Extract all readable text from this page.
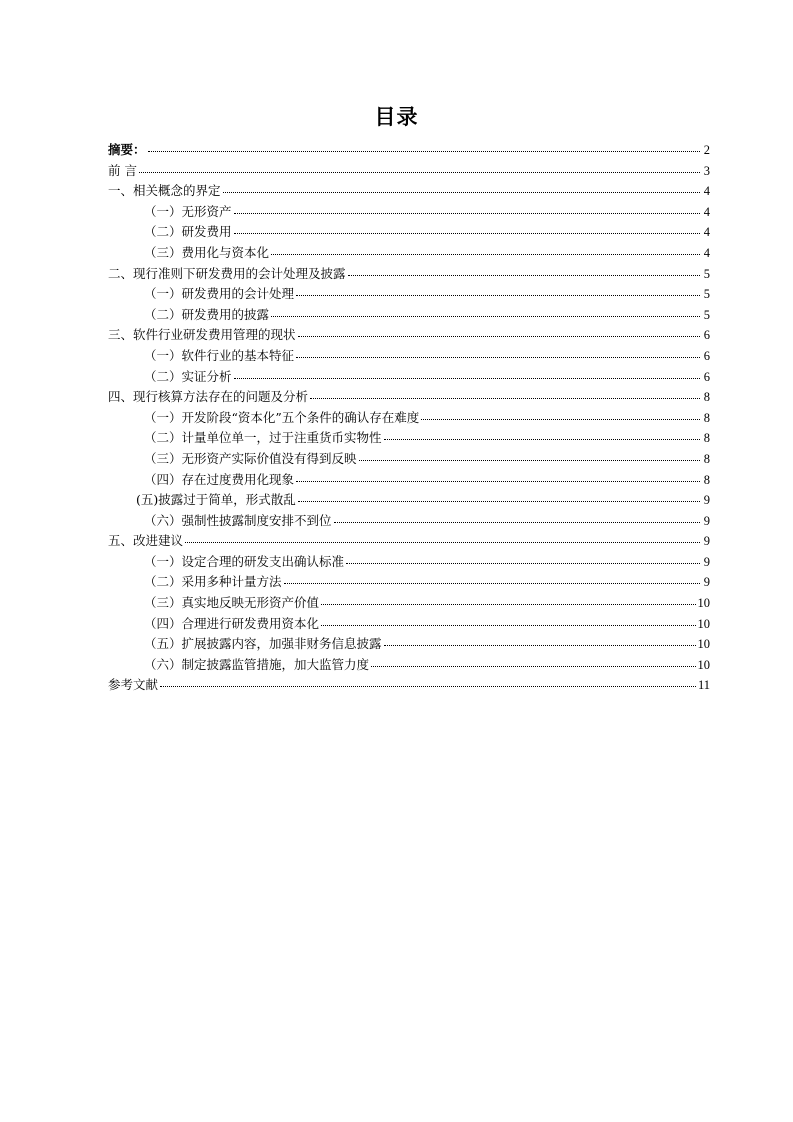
目录
摘要：	2
前 言	3
一、相关概念的界定	4
（一）无形资产	4
（二）研发费用	4
（三）费用化与资本化	4
二、现行准则下研发费用的会计处理及披露	5
（一）研发费用的会计处理	5
（二）研发费用的披露	5
三、软件行业研发费用管理的现状	6
（一）软件行业的基本特征	6
（二）实证分析	6
四、现行核算方法存在的问题及分析	8
（一）开发阶段“资本化”五个条件的确认存在难度	8
（二）计量单位单一，过于注重货币实物性	8
（三）无形资产实际价值没有得到反映	8
（四）存在过度费用化现象	8
(五)披露过于简单，形式散乱	9
（六）强制性披露制度安排不到位	9
五、改进建议	9
（一）设定合理的研发支出确认标准	9
（二）采用多种计量方法	9
（三）真实地反映无形资产价值	10
（四）合理进行研发费用资本化	10
（五）扩展披露内容，加强非财务信息披露	10
（六）制定披露监管措施，加大监管力度	10
参考文献	11
